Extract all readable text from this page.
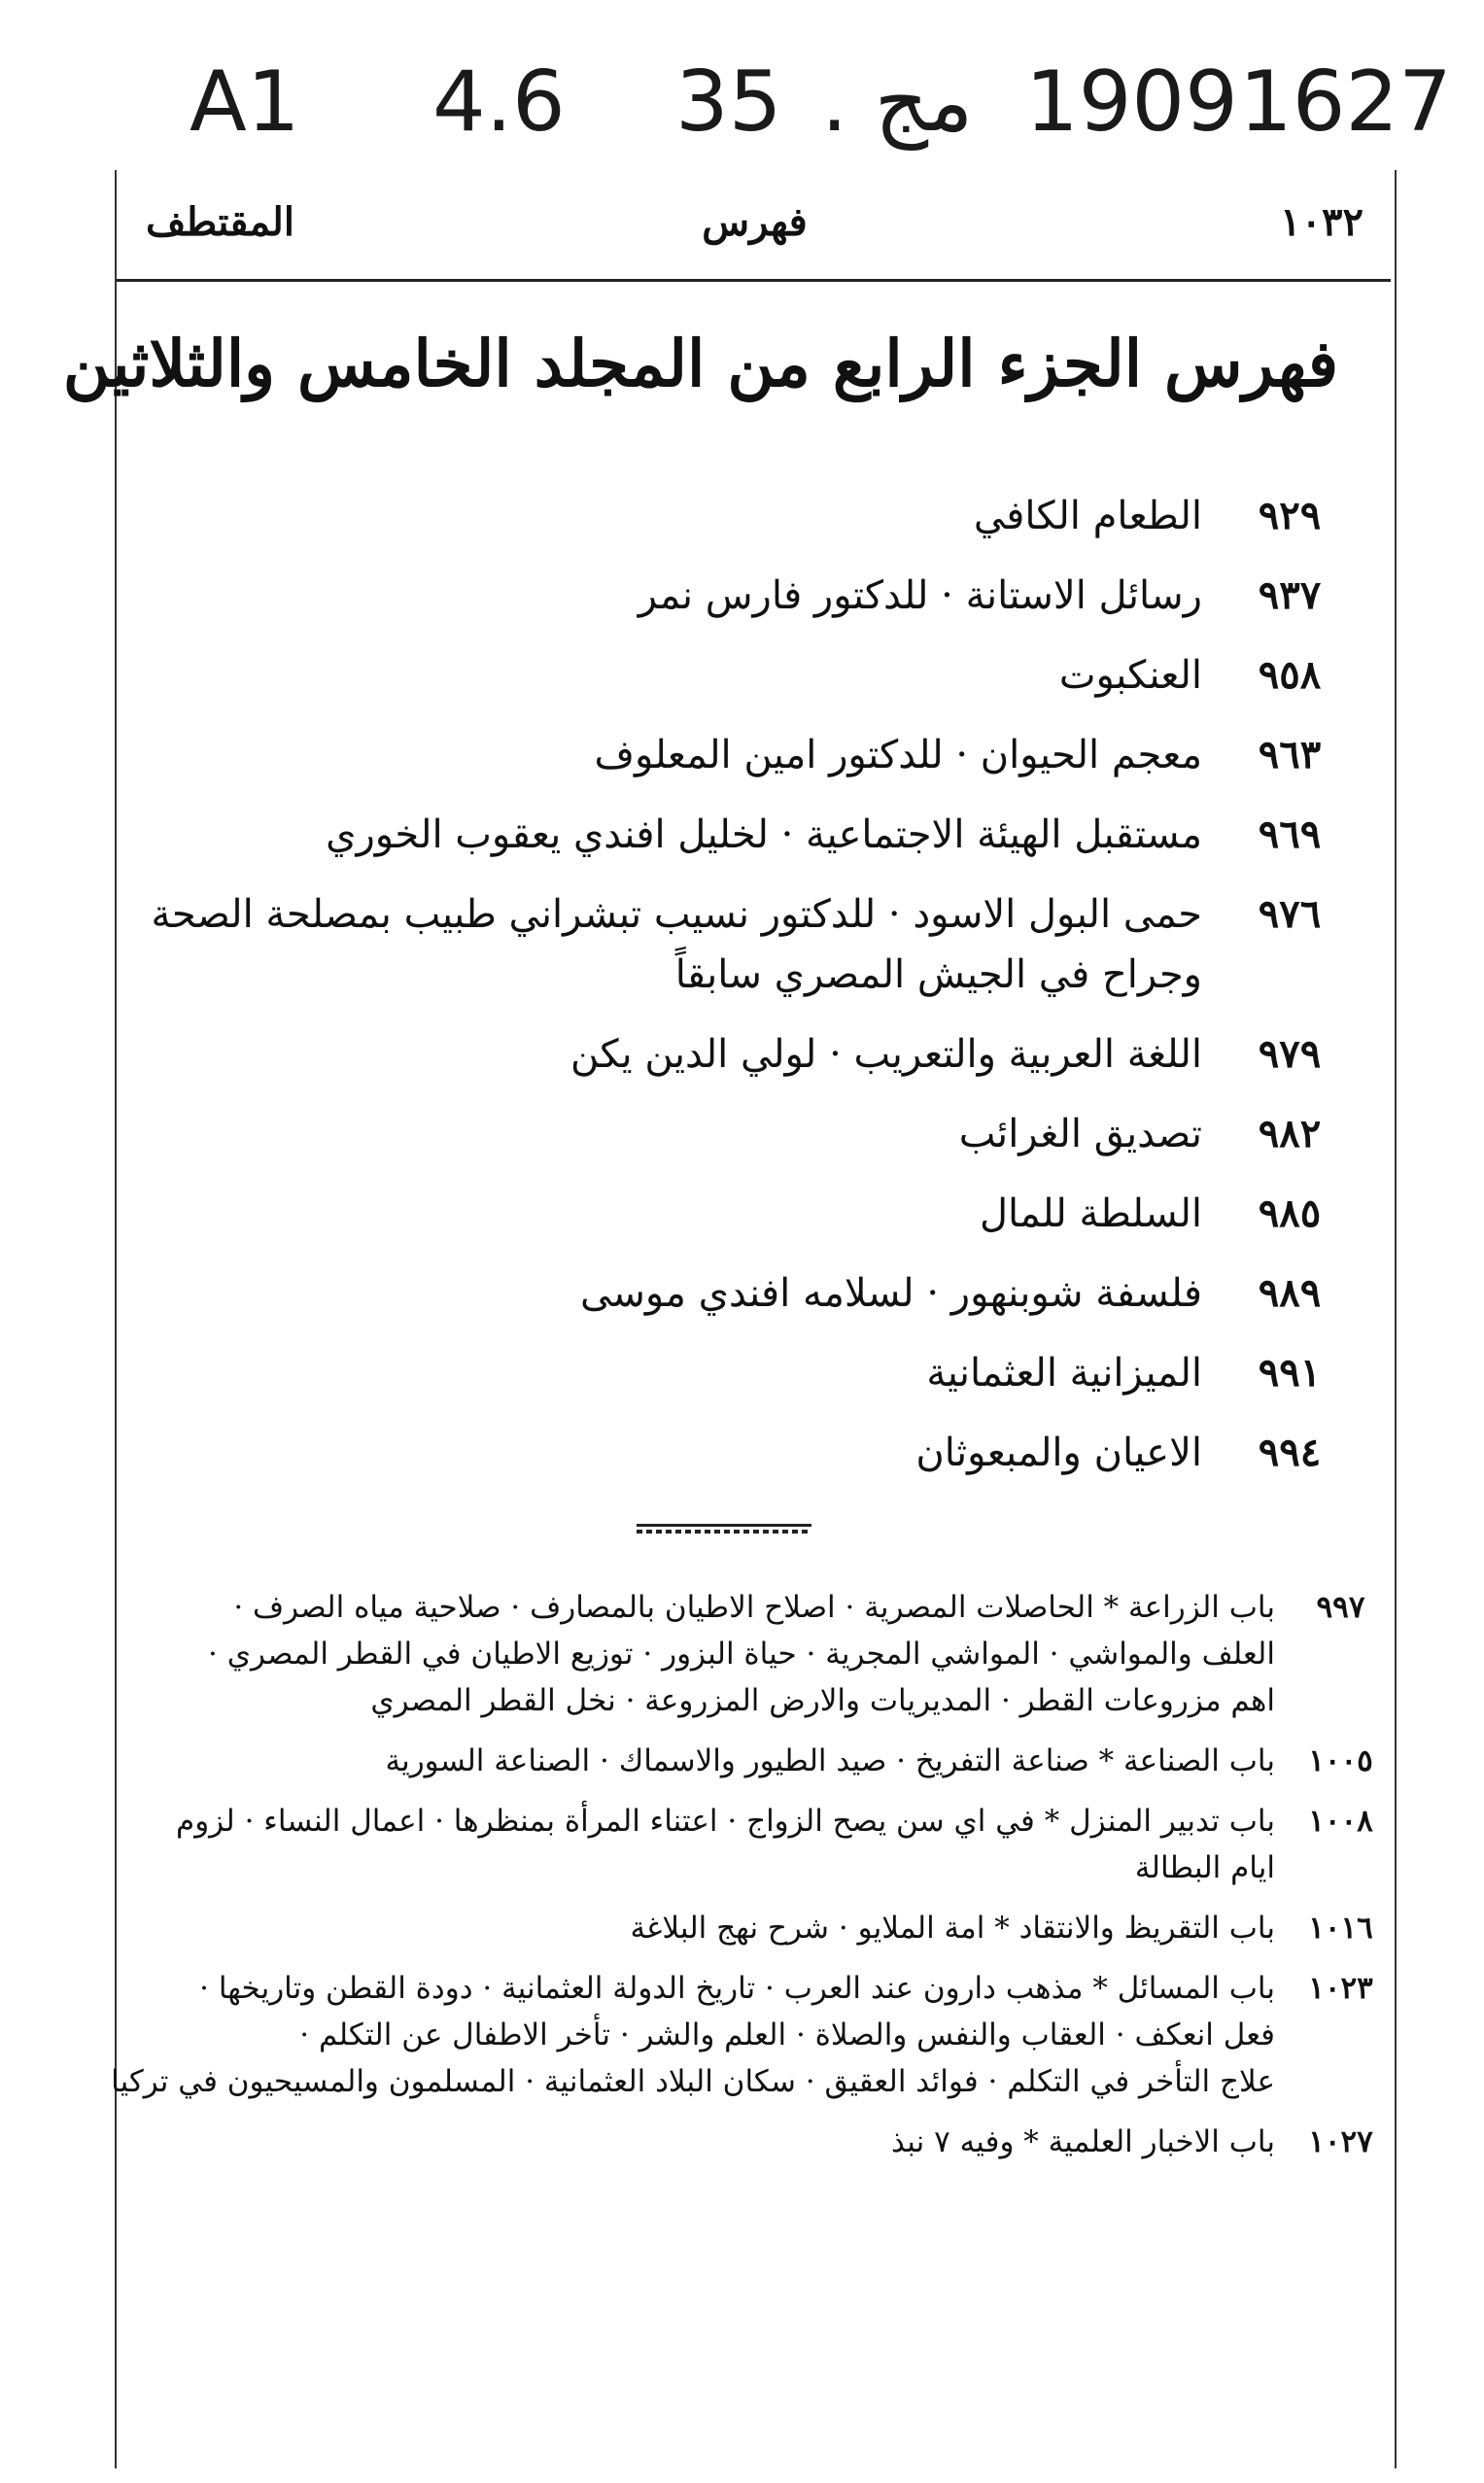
A1 4.6 35 . مج 1909 1627
١٠٣٢
فهرس
المقتطف
فهرس الجزء الرابع من المجلد الخامس والثلاثين
٩٢٩
الطعام الكافي
٩٣٧
رسائل الاستانة · للدكتور فارس نمر
٩٥٨
العنكبوت
٩٦٣
معجم الحيوان · للدكتور امين المعلوف
٩٦٩
مستقبل الهيئة الاجتماعية · لخليل افندي يعقوب الخوري
٩٧٦
حمى البول الاسود · للدكتور نسيب تبشراني طبيب بمصلحة الصحة وجراح في الجيش المصري سابقاً
٩٧٩
اللغة العربية والتعريب · لولي الدين يكن
٩٨٢
تصديق الغرائب
٩٨٥
السلطة للمال
٩٨٩
فلسفة شوبنهور · لسلامه افندي موسى
٩٩١
الميزانية العثمانية
٩٩٤
الاعيان والمبعوثان
٩٩٧
باب الزراعة * الحاصلات المصرية · اصلاح الاطيان بالمصارف · صلاحية مياه الصرف ·
العلف والمواشي · المواشي المجرية · حياة البزور · توزيع الاطيان في القطر المصري ·
اهم مزروعات القطر · المديريات والارض المزروعة · نخل القطر المصري
١٠٠٥
باب الصناعة * صناعة التفريخ · صيد الطيور والاسماك · الصناعة السورية
١٠٠٨
باب تدبير المنزل * في اي سن يصح الزواج · اعتناء المرأة بمنظرها · اعمال النساء · لزوم
ايام البطالة
١٠١٦
باب التقريظ والانتقاد * امة الملايو · شرح نهج البلاغة
١٠٢٣
باب المسائل * مذهب دارون عند العرب · تاريخ الدولة العثمانية · دودة القطن وتاريخها ·
فعل انعكف · العقاب والنفس والصلاة · العلم والشر · تأخر الاطفال عن التكلم ·
علاج التأخر في التكلم · فوائد العقيق · سكان البلاد العثمانية · المسلمون والمسيحيون في تركيا
١٠٢٧
باب الاخبار العلمية * وفيه ٧ نبذ
